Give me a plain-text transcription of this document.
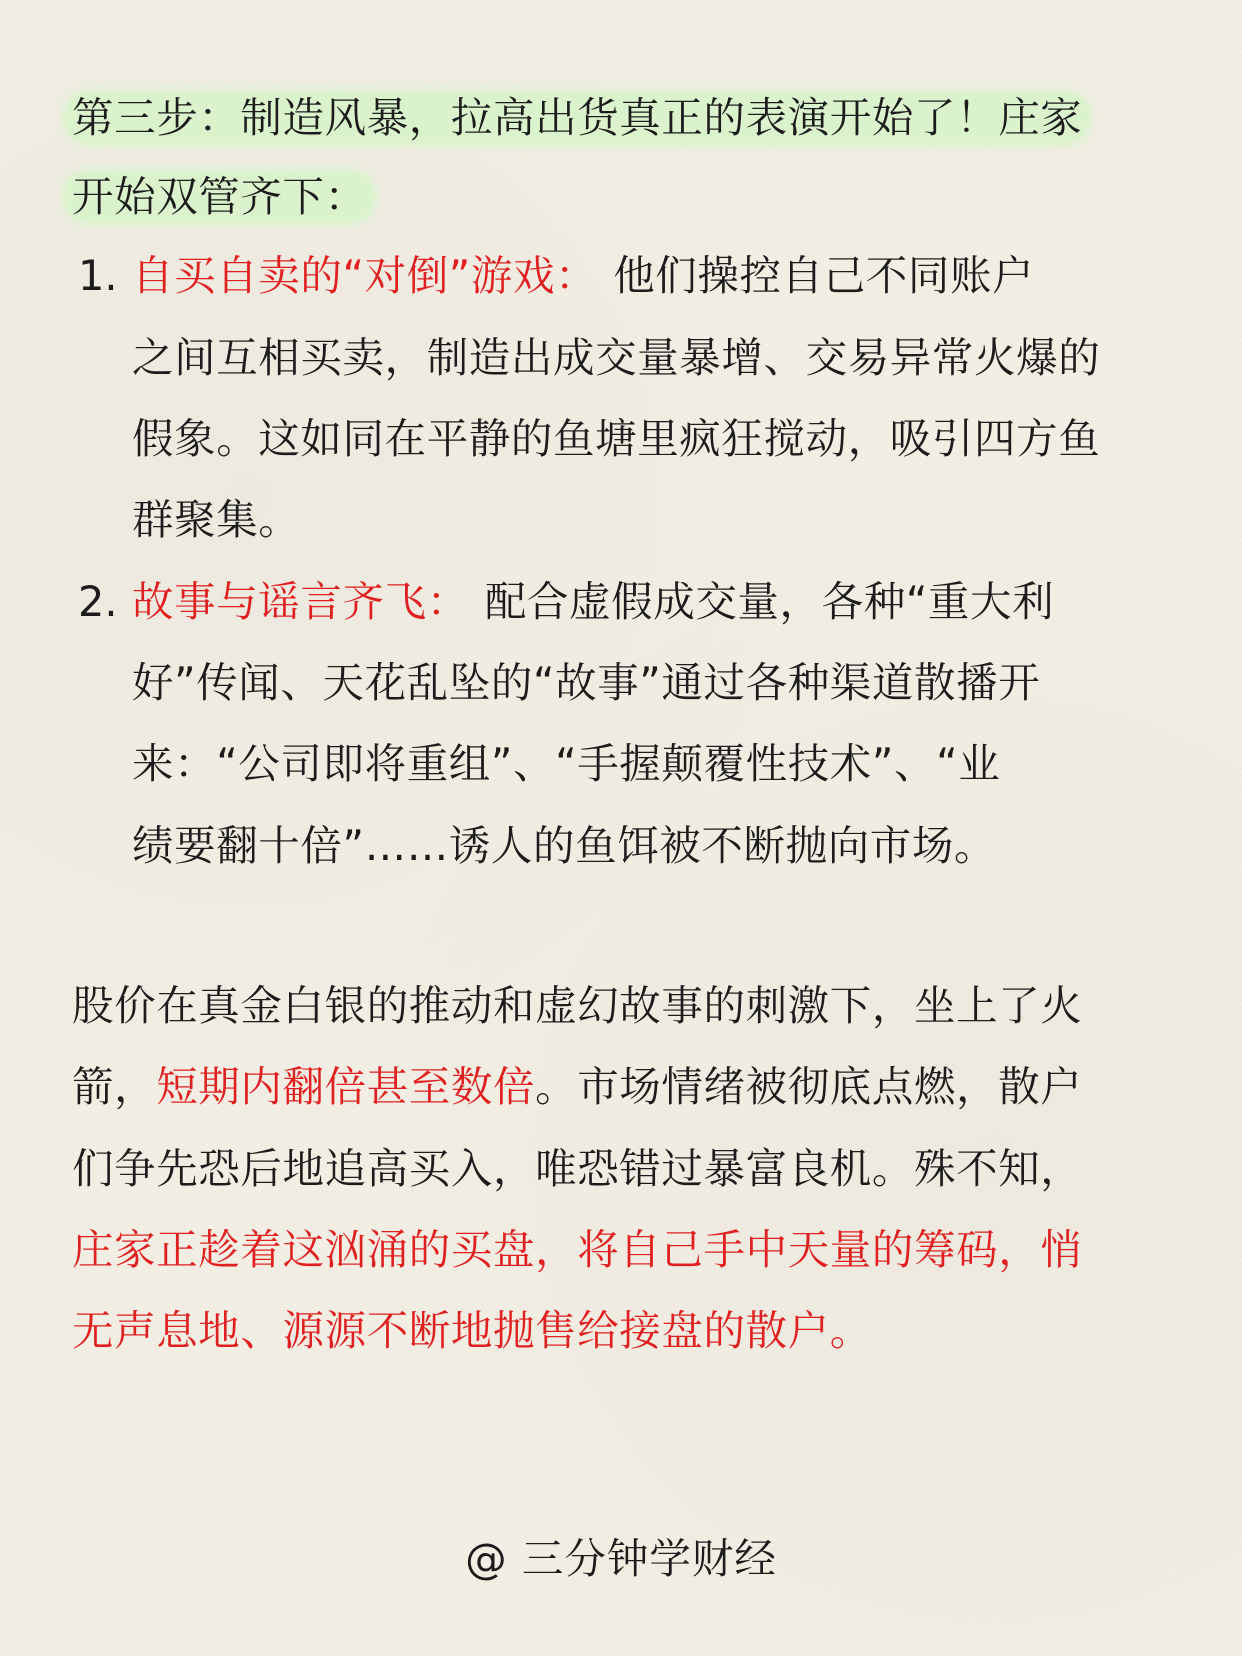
第三步：制造风暴，拉高出货真正的表演开始了！庄家
开始双管齐下：
1. 自买自卖的“对倒”游戏： 他们操控自己不同账户
之间互相买卖，制造出成交量暴增、交易异常火爆的
假象。这如同在平静的鱼塘里疯狂搅动，吸引四方鱼
群聚集。
2. 故事与谣言齐飞： 配合虚假成交量，各种“重大利
好”传闻、天花乱坠的“故事”通过各种渠道散播开
来：“公司即将重组”、“手握颠覆性技术”、“业
绩要翻十倍”……诱人的鱼饵被不断抛向市场。
股价在真金白银的推动和虚幻故事的刺激下，坐上了火
箭，短期内翻倍甚至数倍。市场情绪被彻底点燃，散户
们争先恐后地追高买入，唯恐错过暴富良机。殊不知，
庄家正趁着这汹涌的买盘，将自己手中天量的筹码，悄
无声息地、源源不断地抛售给接盘的散户。
@ 三分钟学财经
